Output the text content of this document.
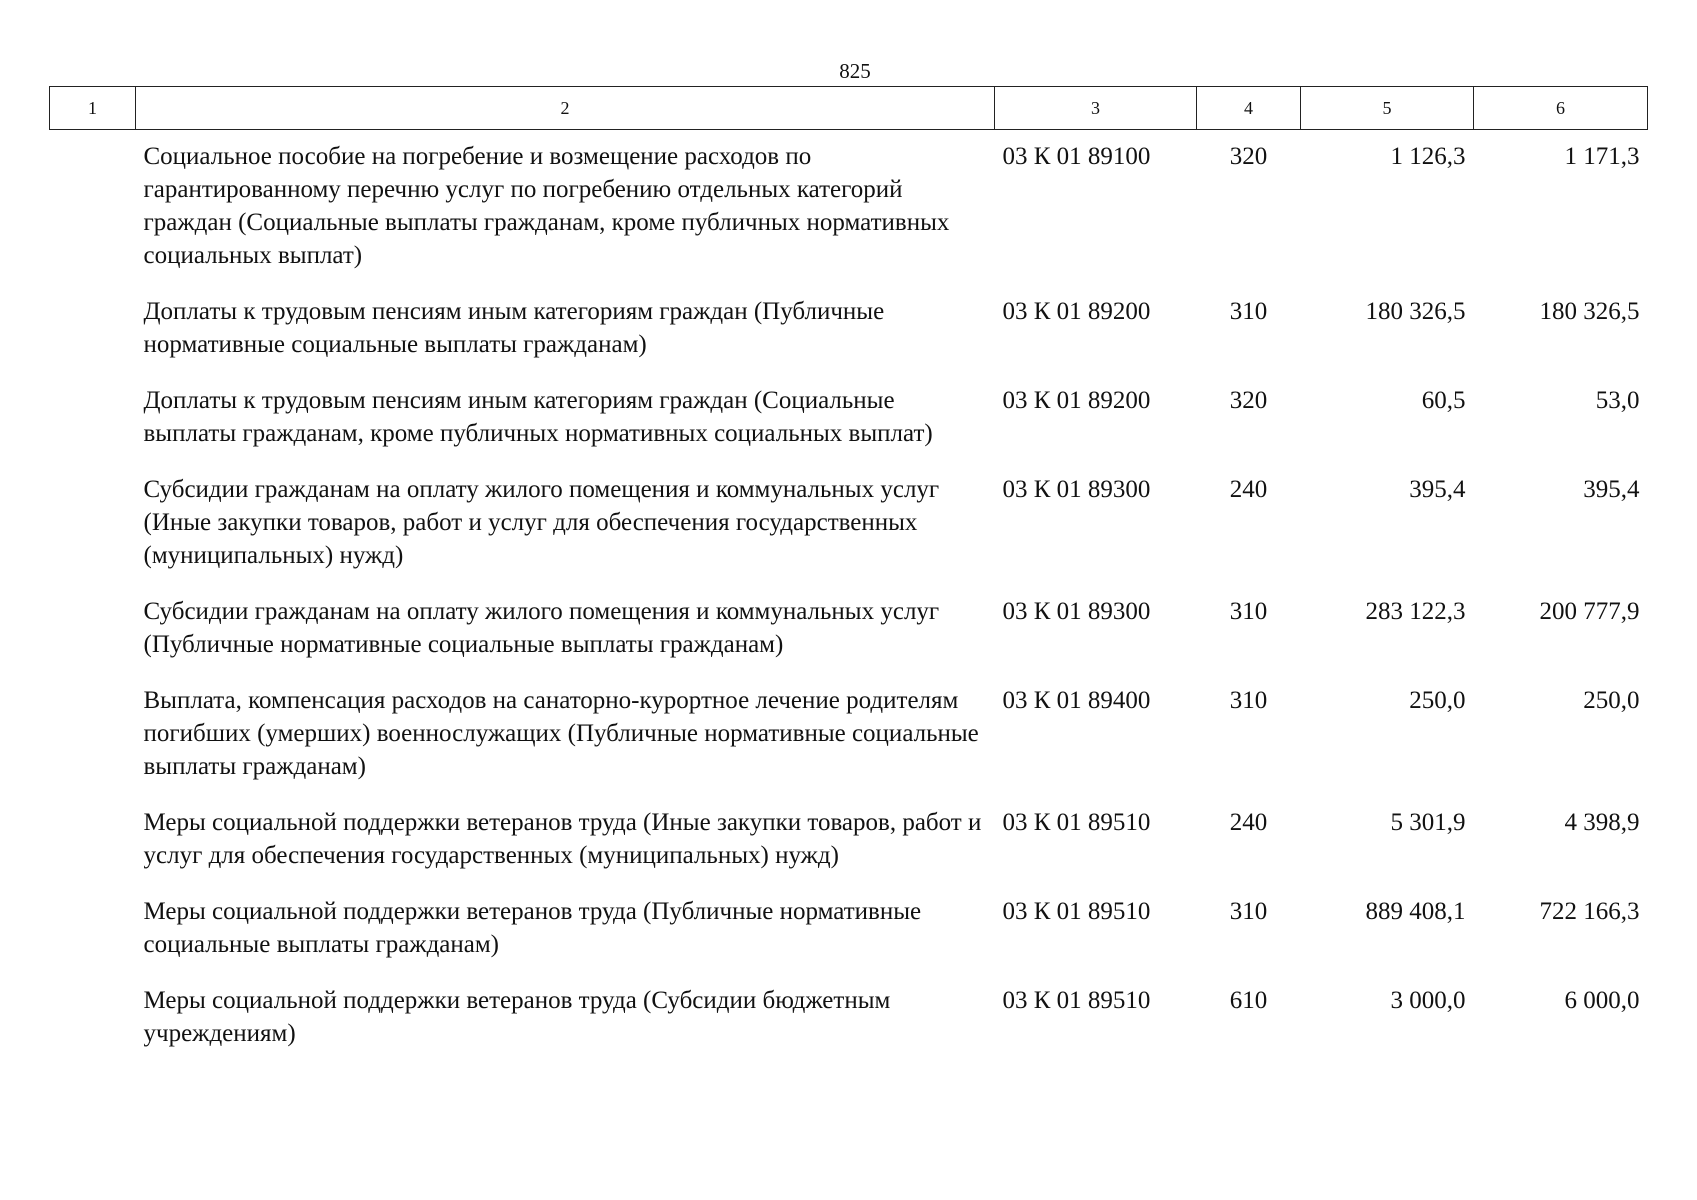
825
1	2	3	4	5	6
	Социальное пособие на погребение и возмещение расходов по гарантированному перечню услуг по погребению отдельных категорий граждан (Социальные выплаты гражданам, кроме публичных нормативных социальных выплат)	03 К 01 89100	320	1 126,3	1 171,3
	Доплаты к трудовым пенсиям иным категориям граждан (Публичные нормативные социальные выплаты гражданам)	03 К 01 89200	310	180 326,5	180 326,5
	Доплаты к трудовым пенсиям иным категориям граждан (Социальные выплаты гражданам, кроме публичных нормативных социальных выплат)	03 К 01 89200	320	60,5	53,0
	Субсидии гражданам на оплату жилого помещения и коммунальных услуг (Иные закупки товаров, работ и услуг для обеспечения государственных (муниципальных) нужд)	03 К 01 89300	240	395,4	395,4
	Субсидии гражданам на оплату жилого помещения и коммунальных услуг (Публичные нормативные социальные выплаты гражданам)	03 К 01 89300	310	283 122,3	200 777,9
	Выплата, компенсация расходов на санаторно-курортное лечение родителям погибших (умерших) военнослужащих (Публичные нормативные социальные выплаты гражданам)	03 К 01 89400	310	250,0	250,0
	Меры социальной поддержки ветеранов труда (Иные закупки товаров, работ и услуг для обеспечения государственных (муниципальных) нужд)	03 К 01 89510	240	5 301,9	4 398,9
	Меры социальной поддержки ветеранов труда (Публичные нормативные социальные выплаты гражданам)	03 К 01 89510	310	889 408,1	722 166,3
	Меры социальной поддержки ветеранов труда (Субсидии бюджетным учреждениям)	03 К 01 89510	610	3 000,0	6 000,0
